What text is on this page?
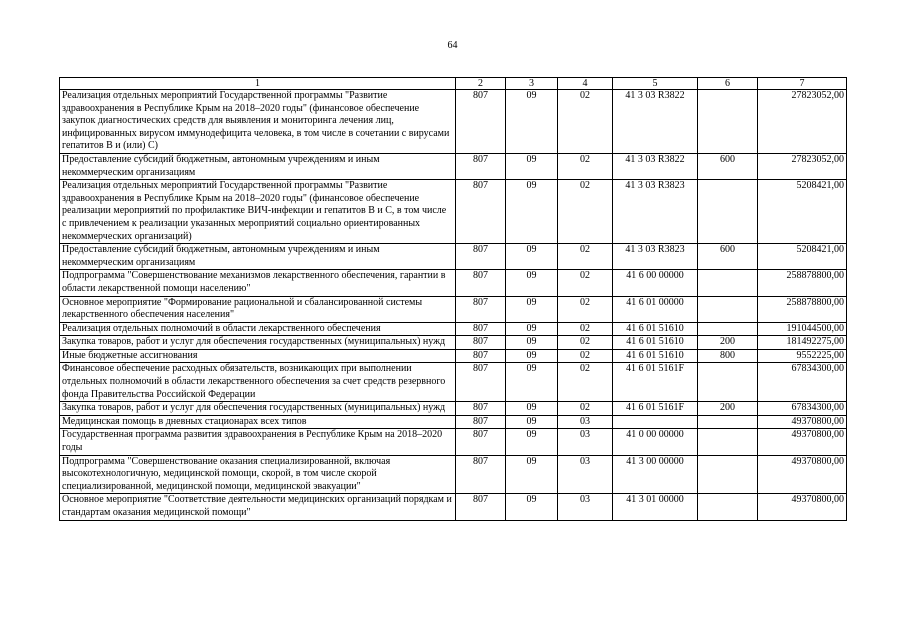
64
1	2	3	4	5	6	7
Реализация отдельных мероприятий Государственной программы "Развитие здравоохранения в Республике Крым на 2018–2020 годы" (финансовое обеспечение закупок диагностических средств для выявления и мониторинга лечения лиц, инфицированных вирусом иммунодефицита человека, в том числе в сочетании с вирусами гепатитов В и (или) С)	807	09	02	41 3 03 R3822		27823052,00
Предоставление субсидий бюджетным, автономным учреждениям и иным некоммерческим организациям	807	09	02	41 3 03 R3822	600	27823052,00
Реализация отдельных мероприятий Государственной программы "Развитие здравоохранения в Республике Крым на 2018–2020 годы" (финансовое обеспечение реализации мероприятий по профилактике ВИЧ-инфекции и гепатитов В и С, в том числе с привлечением к реализации указанных мероприятий социально ориентированных некоммерческих организаций)	807	09	02	41 3 03 R3823		5208421,00
Предоставление субсидий бюджетным, автономным учреждениям и иным некоммерческим организациям	807	09	02	41 3 03 R3823	600	5208421,00
Подпрограмма "Совершенствование механизмов лекарственного обеспечения, гарантии в области лекарственной помощи населению"	807	09	02	41 6 00 00000		258878800,00
Основное мероприятие "Формирование рациональной и сбалансированной системы лекарственного обеспечения населения"	807	09	02	41 6 01 00000		258878800,00
Реализация отдельных полномочий в области лекарственного обеспечения	807	09	02	41 6 01 51610		191044500,00
Закупка товаров, работ и услуг для обеспечения государственных (муниципальных) нужд	807	09	02	41 6 01 51610	200	181492275,00
Иные бюджетные ассигнования	807	09	02	41 6 01 51610	800	9552225,00
Финансовое обеспечение расходных обязательств, возникающих при выполнении отдельных полномочий в области лекарственного обеспечения за счет средств резервного фонда Правительства Российской Федерации	807	09	02	41 6 01 5161F		67834300,00
Закупка товаров, работ и услуг для обеспечения государственных (муниципальных) нужд	807	09	02	41 6 01 5161F	200	67834300,00
Медицинская помощь в дневных стационарах всех типов	807	09	03			49370800,00
Государственная программа развития здравоохранения в Республике Крым на 2018–2020 годы	807	09	03	41 0 00 00000		49370800,00
Подпрограмма "Совершенствование оказания специализированной, включая высокотехнологичную, медицинской помощи, скорой, в том числе скорой специализированной, медицинской помощи, медицинской эвакуации"	807	09	03	41 3 00 00000		49370800,00
Основное мероприятие "Соответствие деятельности медицинских организаций порядкам и стандартам оказания медицинской помощи"	807	09	03	41 3 01 00000		49370800,00
